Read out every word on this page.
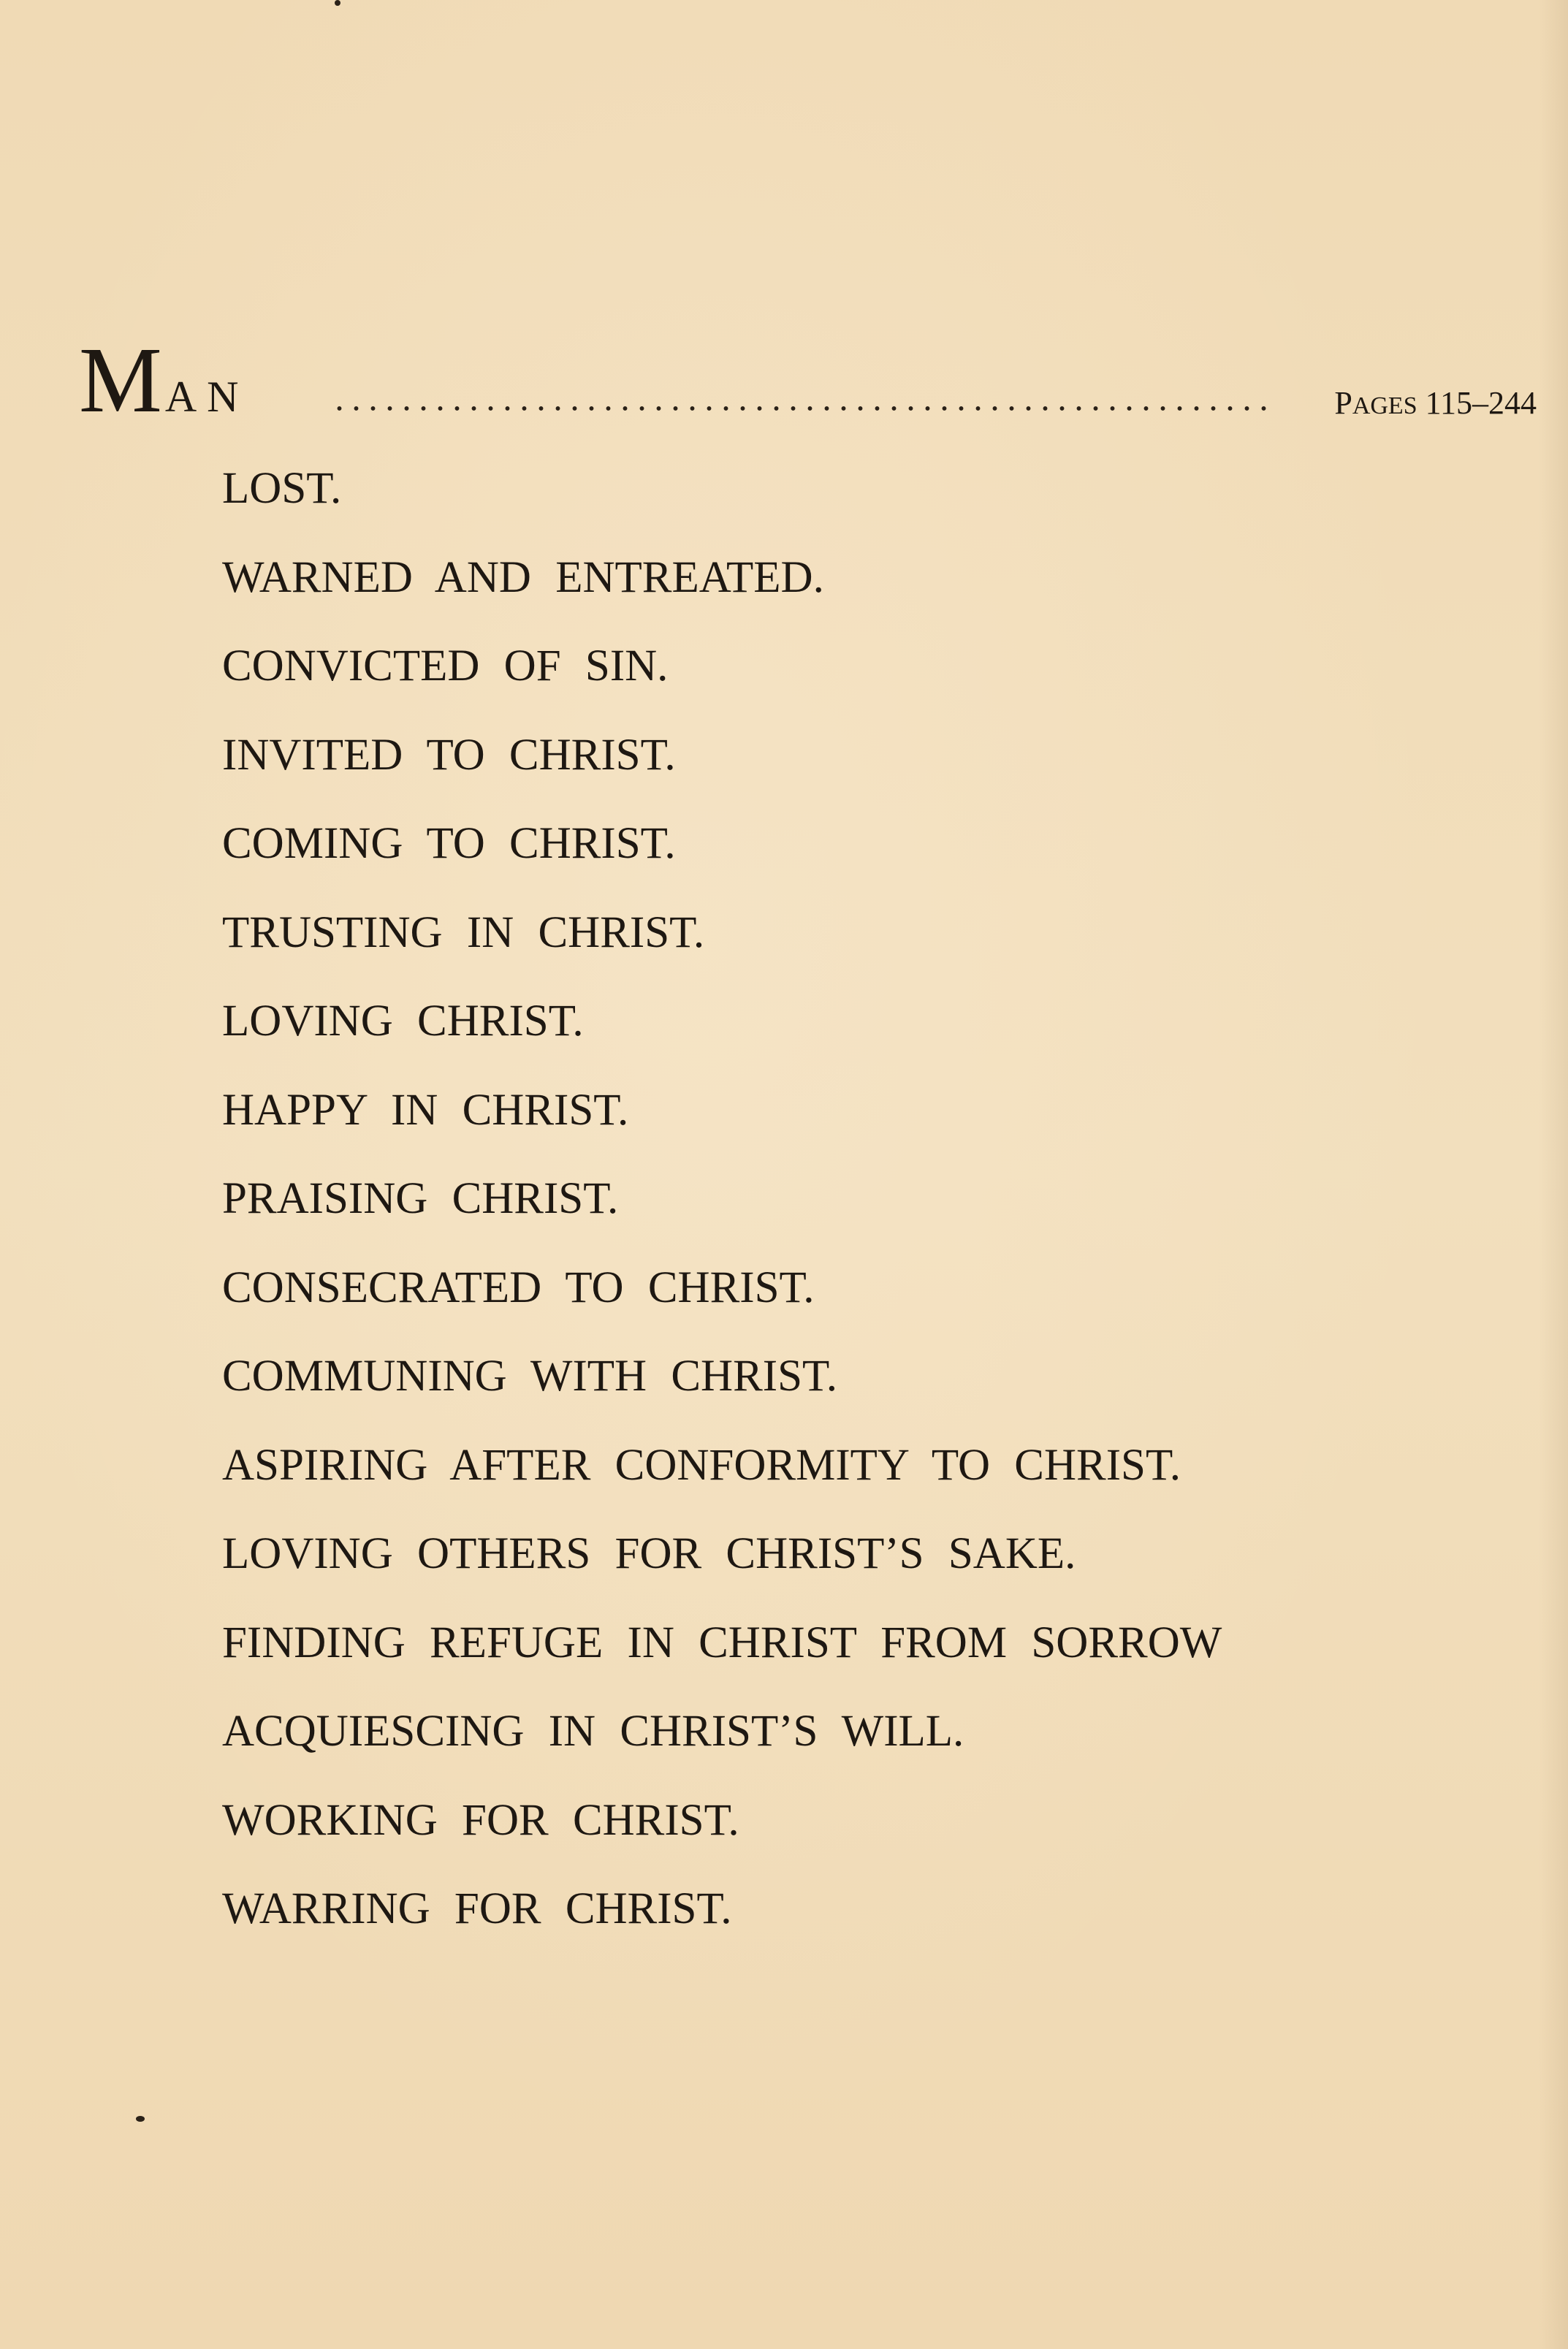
MAN	PAGES 115–244
LOST.
WARNED AND ENTREATED.
CONVICTED OF SIN.
INVITED TO CHRIST.
COMING TO CHRIST.
TRUSTING IN CHRIST.
LOVING CHRIST.
HAPPY IN CHRIST.
PRAISING CHRIST.
CONSECRATED TO CHRIST.
COMMUNING WITH CHRIST.
ASPIRING AFTER CONFORMITY TO CHRIST.
LOVING OTHERS FOR CHRIST’S SAKE.
FINDING REFUGE IN CHRIST FROM SORROW
ACQUIESCING IN CHRIST’S WILL.
WORKING FOR CHRIST.
WARRING FOR CHRIST.
